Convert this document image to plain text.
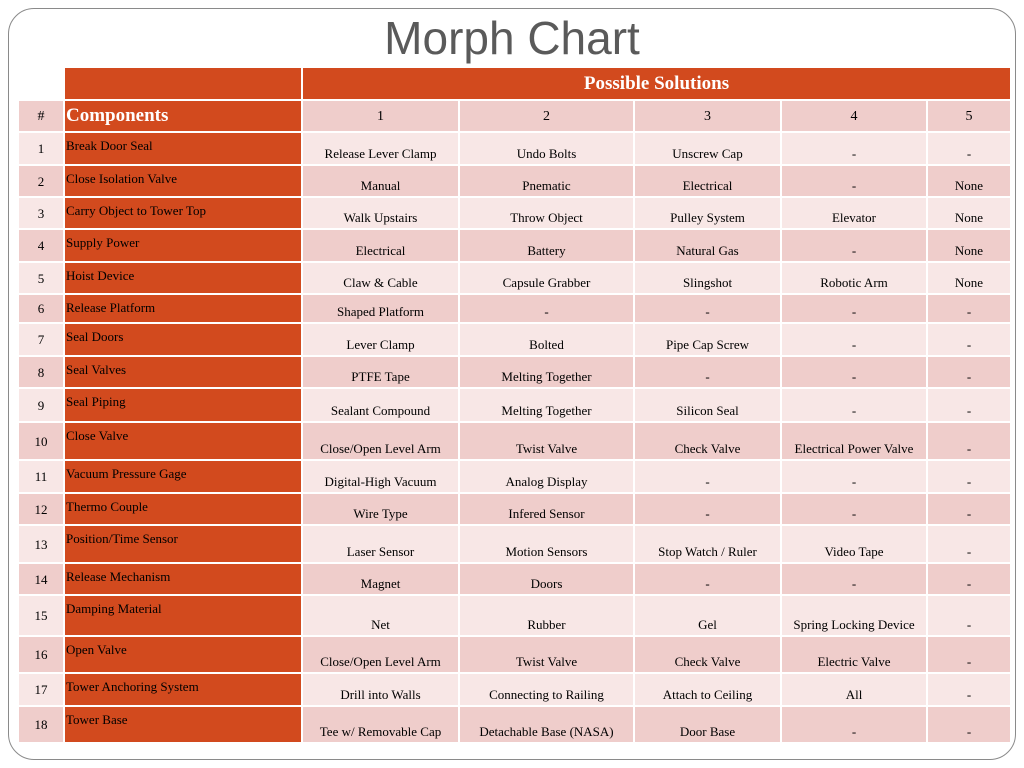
Morph Chart
		Possible Solutions				
#	Components	1	2	3	4	5
1	Break Door Seal	Release Lever Clamp	Undo Bolts	Unscrew Cap	-	-
2	Close Isolation Valve	Manual	Pnematic	Electrical	-	None
3	Carry Object to Tower Top	Walk Upstairs	Throw Object	Pulley System	Elevator	None
4	Supply Power	Electrical	Battery	Natural Gas	-	None
5	Hoist Device	Claw & Cable	Capsule Grabber	Slingshot	Robotic Arm	None
6	Release Platform	Shaped Platform	-	-	-	-
7	Seal Doors	Lever Clamp	Bolted	Pipe Cap Screw	-	-
8	Seal Valves	PTFE Tape	Melting Together	-	-	-
9	Seal Piping	Sealant Compound	Melting Together	Silicon Seal	-	-
10	Close Valve	Close/Open Level Arm	Twist Valve	Check Valve	Electrical Power Valve	-
11	Vacuum Pressure Gage	Digital-High Vacuum	Analog Display	-	-	-
12	Thermo Couple	Wire Type	Infered Sensor	-	-	-
13	Position/Time Sensor	Laser Sensor	Motion Sensors	Stop Watch / Ruler	Video Tape	-
14	Release Mechanism	Magnet	Doors	-	-	-
15	Damping Material	Net	Rubber	Gel	Spring Locking Device	-
16	Open Valve	Close/Open Level Arm	Twist Valve	Check Valve	Electric Valve	-
17	Tower Anchoring System	Drill into Walls	Connecting to Railing	Attach to Ceiling	All	-
18	Tower Base	Tee w/ Removable Cap	Detachable Base (NASA)	Door Base	-	-
